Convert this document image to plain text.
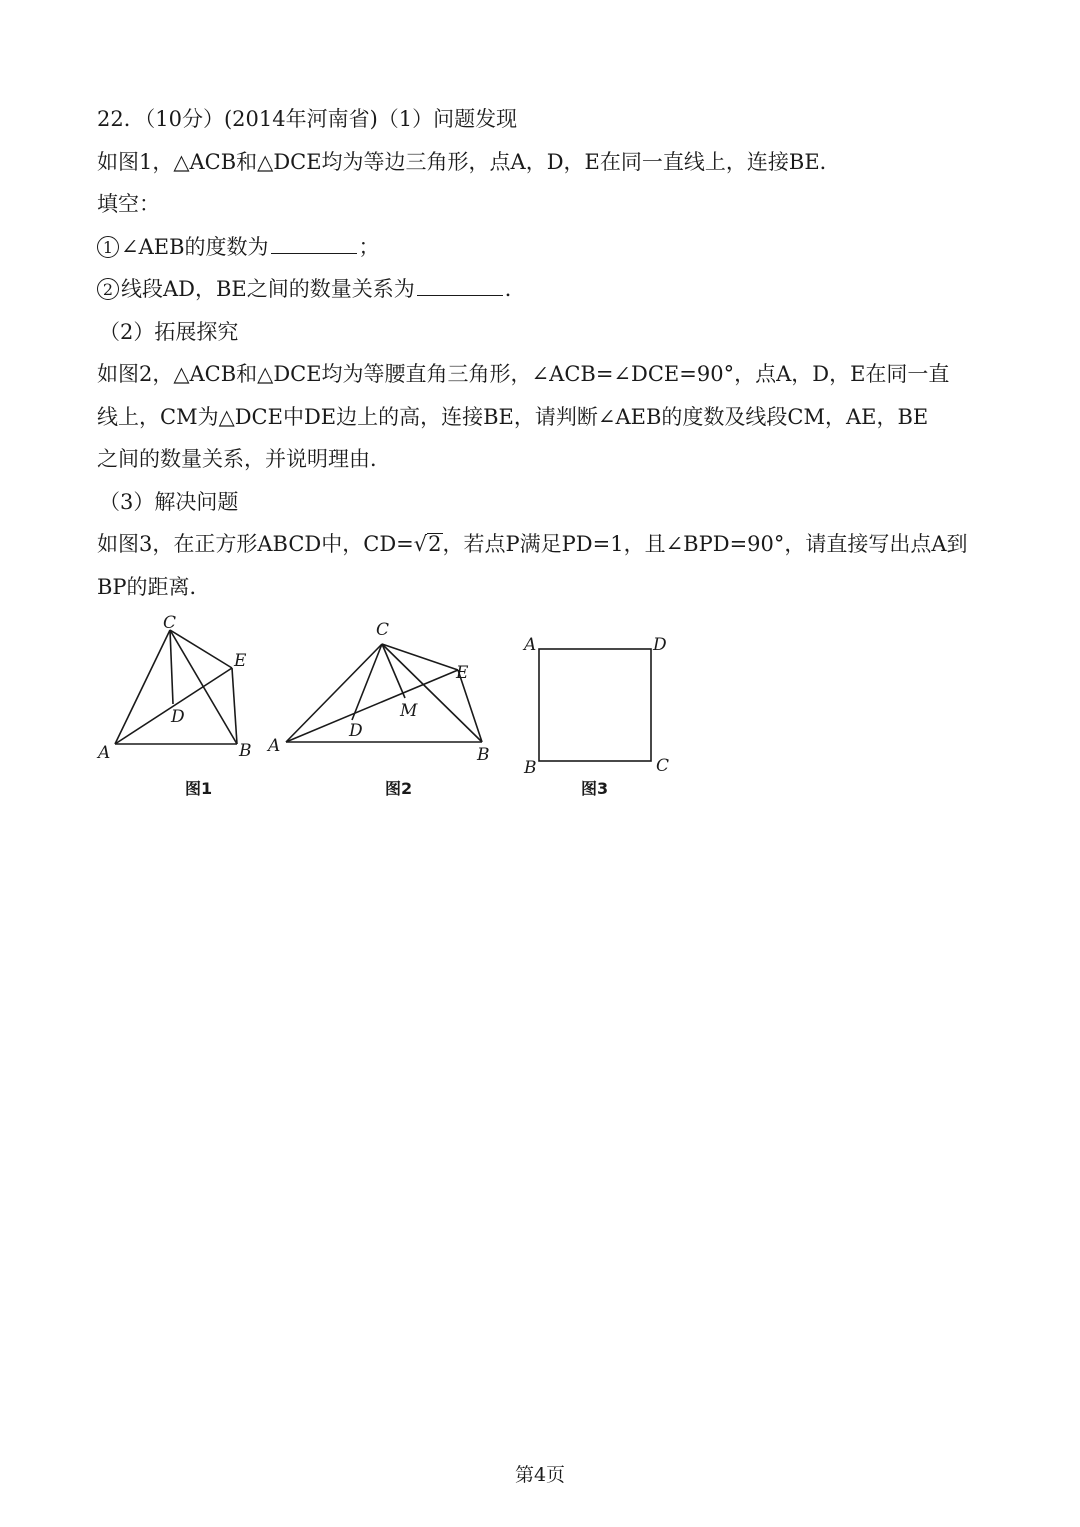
22．（10分）(2014年河南省)（1）问题发现

如图1，△ACB和△DCE均为等边三角形，点A，D，E在同一直线上，连接BE．

填空：

1 ∠AEB的度数为	；

2 线段AD，BE之间的数量关系为	．

（2）拓展探究

如图2，△ACB和△DCE均为等腰直角三角形，∠ACB=∠DCE=90°，点A，D，E在同一直

线上，CM为△DCE中DE边上的高，连接BE，请判断∠AEB的度数及线段CM，AE，BE

之间的数量关系，并说明理由．

（3）解决问题

如图3，在正方形ABCD中，CD=√2，若点P满足PD=1，且∠BPD=90°，请直接写出点A到

BP的距离．

A	B
C
D
E
图1
A	B
C
D
E
M
图2
A	D
B	C
图3
第4页
